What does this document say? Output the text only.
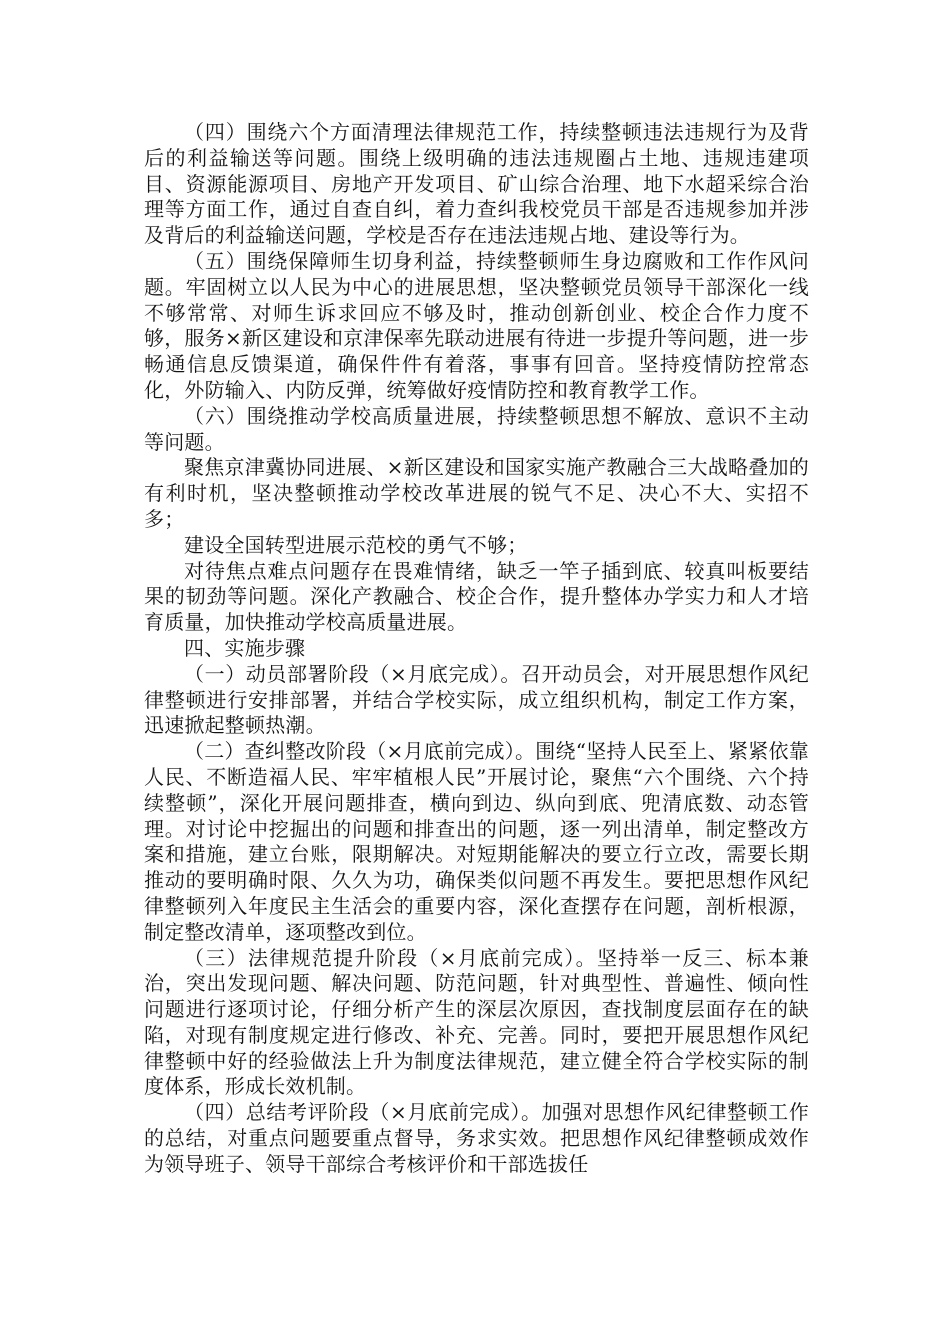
（四）围绕六个方面清理法律规范工作，持续整顿违法违规行为及背后的利益输送等问题。围绕上级明确的违法违规圈占土地、违规违建项目、资源能源项目、房地产开发项目、矿山综合治理、地下水超采综合治理等方面工作，通过自查自纠，着力查纠我校党员干部是否违规参加并涉及背后的利益输送问题，学校是否存在违法违规占地、建设等行为。

（五）围绕保障师生切身利益，持续整顿师生身边腐败和工作作风问题。牢固树立以人民为中心的进展思想，坚决整顿党员领导干部深化一线不够常常、对师生诉求回应不够及时，推动创新创业、校企合作力度不够，服务×新区建设和京津保率先联动进展有待进一步提升等问题，进一步畅通信息反馈渠道，确保件件有着落，事事有回音。坚持疫情防控常态化，外防输入、内防反弹，统筹做好疫情防控和教育教学工作。

（六）围绕推动学校高质量进展，持续整顿思想不解放、意识不主动等问题。

聚焦京津冀协同进展、×新区建设和国家实施产教融合三大战略叠加的有利时机，坚决整顿推动学校改革进展的锐气不足、决心不大、实招不多；

建设全国转型进展示范校的勇气不够；

对待焦点难点问题存在畏难情绪，缺乏一竿子插到底、较真叫板要结果的韧劲等问题。深化产教融合、校企合作，提升整体办学实力和人才培育质量，加快推动学校高质量进展。

四、实施步骤

（一）动员部署阶段（×月底完成）。召开动员会，对开展思想作风纪律整顿进行安排部署，并结合学校实际，成立组织机构，制定工作方案，迅速掀起整顿热潮。

（二）查纠整改阶段（×月底前完成）。围绕“坚持人民至上、紧紧依靠人民、不断造福人民、牢牢植根人民”开展讨论，聚焦“六个围绕、六个持续整顿”，深化开展问题排查，横向到边、纵向到底、兜清底数、动态管理。对讨论中挖掘出的问题和排查出的问题，逐一列出清单，制定整改方案和措施，建立台账，限期解决。对短期能解决的要立行立改，需要长期推动的要明确时限、久久为功，确保类似问题不再发生。要把思想作风纪律整顿列入年度民主生活会的重要内容，深化查摆存在问题，剖析根源，制定整改清单，逐项整改到位。

（三）法律规范提升阶段（×月底前完成）。坚持举一反三、标本兼治，突出发现问题、解决问题、防范问题，针对典型性、普遍性、倾向性问题进行逐项讨论，仔细分析产生的深层次原因，查找制度层面存在的缺陷，对现有制度规定进行修改、补充、完善。同时，要把开展思想作风纪律整顿中好的经验做法上升为制度法律规范，建立健全符合学校实际的制度体系，形成长效机制。

（四）总结考评阶段（×月底前完成）。加强对思想作风纪律整顿工作的总结，对重点问题要重点督导，务求实效。把思想作风纪律整顿成效作为领导班子、领导干部综合考核评价和干部选拔任
